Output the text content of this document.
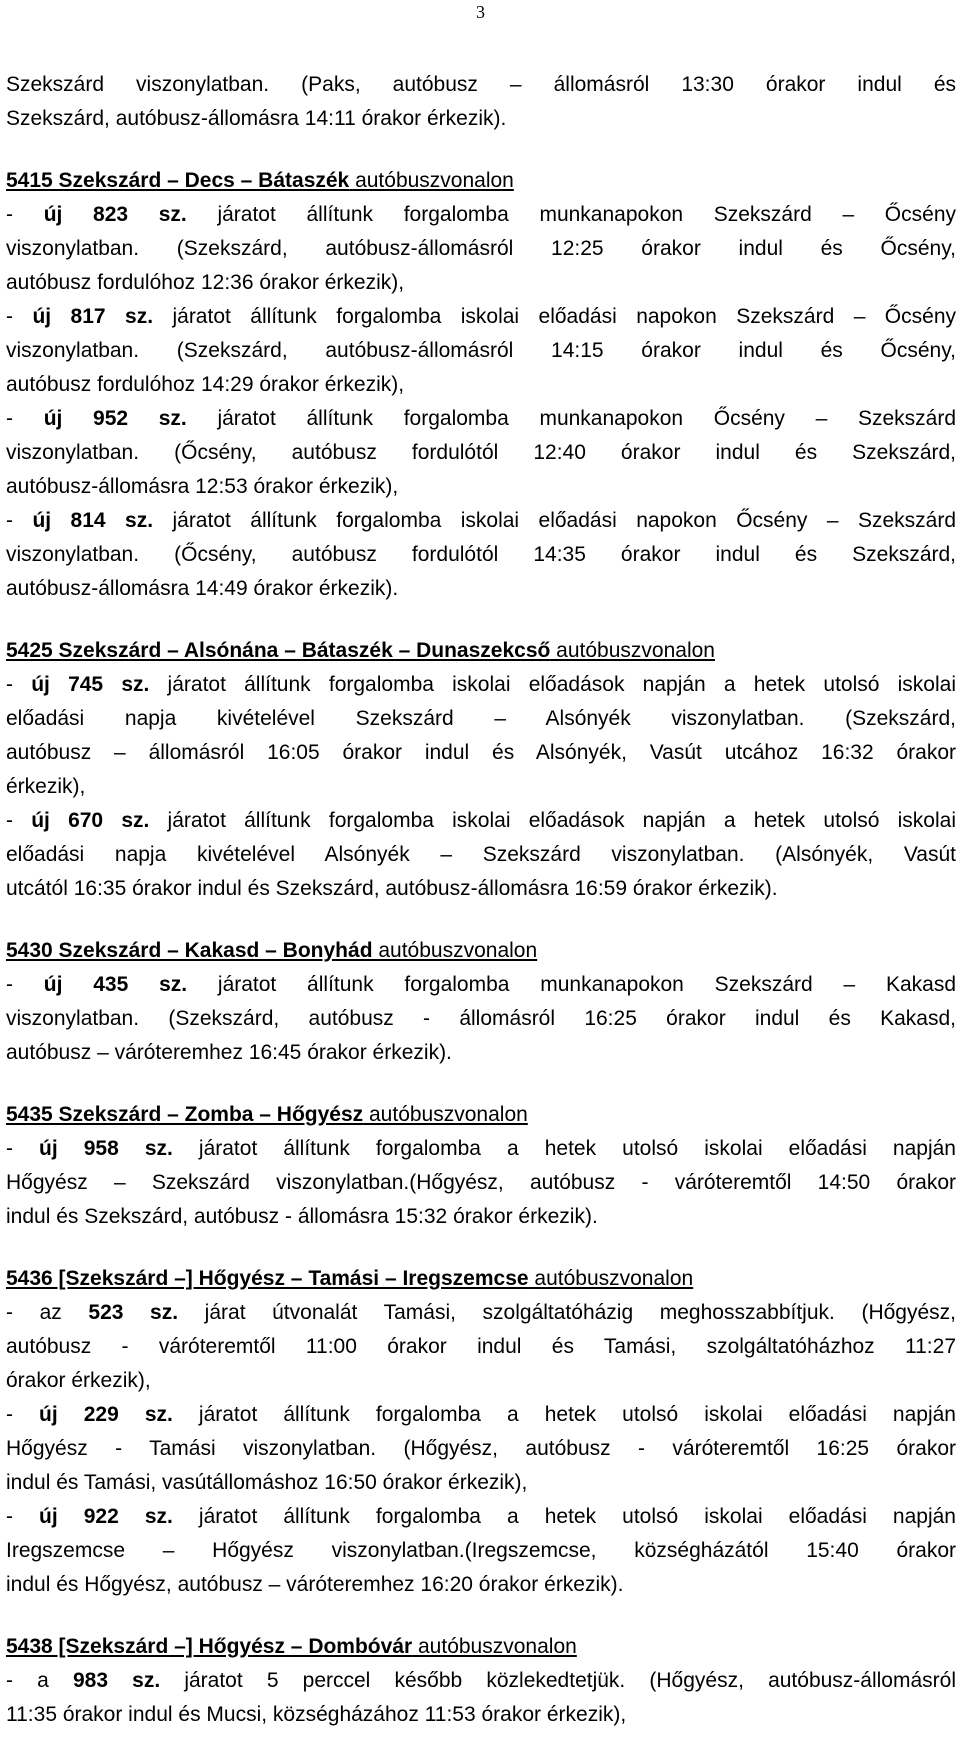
3
Szekszárd viszonylatban. (Paks, autóbusz – állomásról 13:30 órakor indul és
Szekszárd, autóbusz-állomásra 14:11 órakor érkezik).
5415 Szekszárd – Decs – Bátaszék autóbuszvonalon
- új 823 sz. járatot állítunk forgalomba munkanapokon Szekszárd – Őcsény
viszonylatban. (Szekszárd, autóbusz-állomásról 12:25 órakor indul és Őcsény,
autóbusz fordulóhoz 12:36 órakor érkezik),
- új 817 sz. járatot állítunk forgalomba iskolai előadási napokon Szekszárd – Őcsény
viszonylatban. (Szekszárd, autóbusz-állomásról 14:15 órakor indul és Őcsény,
autóbusz fordulóhoz 14:29 órakor érkezik),
- új 952 sz. járatot állítunk forgalomba munkanapokon Őcsény – Szekszárd
viszonylatban. (Őcsény, autóbusz fordulótól 12:40 órakor indul és Szekszárd,
autóbusz-állomásra 12:53 órakor érkezik),
- új 814 sz. járatot állítunk forgalomba iskolai előadási napokon Őcsény – Szekszárd
viszonylatban. (Őcsény, autóbusz fordulótól 14:35 órakor indul és Szekszárd,
autóbusz-állomásra 14:49 órakor érkezik).
5425 Szekszárd – Alsónána – Bátaszék – Dunaszekcső autóbuszvonalon
- új 745 sz. járatot állítunk forgalomba iskolai előadások napján a hetek utolsó iskolai
előadási napja kivételével Szekszárd – Alsónyék viszonylatban. (Szekszárd,
autóbusz – állomásról 16:05 órakor indul és Alsónyék, Vasút utcához 16:32 órakor
érkezik),
- új 670 sz. járatot állítunk forgalomba iskolai előadások napján a hetek utolsó iskolai
előadási napja kivételével Alsónyék – Szekszárd viszonylatban. (Alsónyék, Vasút
utcától 16:35 órakor indul és Szekszárd, autóbusz-állomásra 16:59 órakor érkezik).
5430 Szekszárd – Kakasd – Bonyhád autóbuszvonalon
- új 435 sz. járatot állítunk forgalomba munkanapokon Szekszárd – Kakasd
viszonylatban. (Szekszárd, autóbusz - állomásról 16:25 órakor indul és Kakasd,
autóbusz – váróteremhez 16:45 órakor érkezik).
5435 Szekszárd – Zomba – Hőgyész autóbuszvonalon
- új 958 sz. járatot állítunk forgalomba a hetek utolsó iskolai előadási napján
Hőgyész – Szekszárd viszonylatban.(Hőgyész, autóbusz - váróteremtől 14:50 órakor
indul és Szekszárd, autóbusz - állomásra 15:32 órakor érkezik).
5436 [Szekszárd –] Hőgyész – Tamási – Iregszemcse autóbuszvonalon
- az 523 sz. járat útvonalát Tamási, szolgáltatóházig meghosszabbítjuk. (Hőgyész,
autóbusz - váróteremtől 11:00 órakor indul és Tamási, szolgáltatóházhoz 11:27
órakor érkezik),
- új 229 sz. járatot állítunk forgalomba a hetek utolsó iskolai előadási napján
Hőgyész - Tamási viszonylatban. (Hőgyész, autóbusz - váróteremtől 16:25 órakor
indul és Tamási, vasútállomáshoz 16:50 órakor érkezik),
- új 922 sz. járatot állítunk forgalomba a hetek utolsó iskolai előadási napján
Iregszemcse – Hőgyész viszonylatban.(Iregszemcse, községházától 15:40 órakor
indul és Hőgyész, autóbusz – váróteremhez 16:20 órakor érkezik).
5438 [Szekszárd –] Hőgyész – Dombóvár autóbuszvonalon
- a 983 sz. járatot 5 perccel később közlekedtetjük. (Hőgyész, autóbusz-állomásról
11:35 órakor indul és Mucsi, községházához 11:53 órakor érkezik),
